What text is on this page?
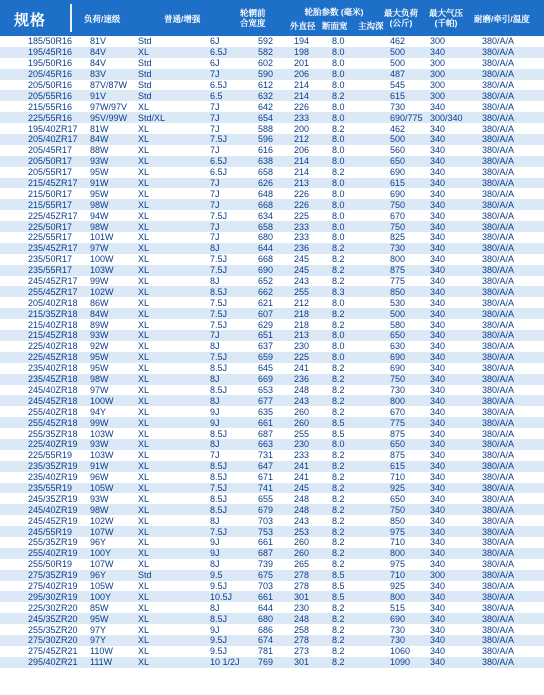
规格	负荷/速级	普通/增强
轮辋前
合宽度
轮胎参数 (毫米)
外直径 断面宽 主沟深
最大负荷
(公斤)
最大气压
(千帕)	耐磨/牵引/温度
185/50R16	81V	Std	6J	592	194	8.0	462	300	380/A/A
195/45R16	84V	XL	6.5J	582	198	8.0	500	340	380/A/A
195/50R16	84V	Std	6J	602	201	8.0	500	300	380/A/A
205/45R16	83V	Std	7J	590	206	8.0	487	300	380/A/A
205/50R16	87V/87W	Std	6.5J	612	214	8.0	545	300	380/A/A
205/55R16	91V	Std	6.5	632	214	8.2	615	300	380/A/A
215/55R16	97W/97V	XL	7J	642	226	8.0	730	340	380/A/A
225/55R16	95V/99W	Std/XL	7J	654	233	8.0	690/775	300/340	380/A/A
195/40ZR17	81W	XL	7J	588	200	8.2	462	340	380/A/A
205/40ZR17	84W	XL	7.5J	596	212	8.0	500	340	380/A/A
205/45R17	88W	XL	7J	616	206	8.0	560	340	380/A/A
205/50R17	93W	XL	6.5J	638	214	8.0	650	340	380/A/A
205/55R17	95W	XL	6.5J	658	214	8.2	690	340	380/A/A
215/45ZR17	91W	XL	7J	626	213	8.0	615	340	380/A/A
215/50R17	95W	XL	7J	648	226	8.0	690	340	380/A/A
215/55R17	98W	XL	7J	668	226	8.0	750	340	380/A/A
225/45ZR17	94W	XL	7.5J	634	225	8.0	670	340	380/A/A
225/50R17	98W	XL	7J	658	233	8.0	750	340	380/A/A
225/55R17	101W	XL	7J	680	233	8.0	825	340	380/A/A
235/45ZR17	97W	XL	8J	644	236	8.2	730	340	380/A/A
235/50R17	100W	XL	7.5J	668	245	8.2	800	340	380/A/A
235/55R17	103W	XL	7.5J	690	245	8.2	875	340	380/A/A
245/45ZR17	99W	XL	8J	652	243	8.2	775	340	380/A/A
255/45ZR17	102W	XL	8.5J	662	255	8.3	850	340	380/A/A
205/40ZR18	86W	XL	7.5J	621	212	8.0	530	340	380/A/A
215/35ZR18	84W	XL	7.5J	607	218	8.2	500	340	380/A/A
215/40ZR18	89W	XL	7.5J	629	218	8.2	580	340	380/A/A
215/45ZR18	93W	XL	7J	651	213	8.0	650	340	380/A/A
225/40ZR18	92W	XL	8J	637	230	8.0	630	340	380/A/A
225/45ZR18	95W	XL	7.5J	659	225	8.0	690	340	380/A/A
235/40ZR18	95W	XL	8.5J	645	241	8.2	690	340	380/A/A
235/45ZR18	98W	XL	8J	669	236	8.2	750	340	380/A/A
245/40ZR18	97W	XL	8.5J	653	248	8.2	730	340	380/A/A
245/45ZR18	100W	XL	8J	677	243	8.2	800	340	380/A/A
255/40ZR18	94Y	XL	9J	635	260	8.2	670	340	380/A/A
255/45ZR18	99W	XL	9J	661	260	8.5	775	340	380/A/A
255/35ZR18	103W	XL	8.5J	687	255	8.5	875	340	380/A/A
225/40ZR19	93W	XL	8J	663	230	8.0	650	340	380/A/A
225/55R19	103W	XL	7J	731	233	8.2	875	340	380/A/A
235/35ZR19	91W	XL	8.5J	647	241	8.2	615	340	380/A/A
235/40ZR19	96W	XL	8.5J	671	241	8.2	710	340	380/A/A
235/55R19	105W	XL	7.5J	741	245	8.2	925	340	380/A/A
245/35ZR19	93W	XL	8.5J	655	248	8.2	650	340	380/A/A
245/40ZR19	98W	XL	8.5J	679	248	8.2	750	340	380/A/A
245/45ZR19	102W	XL	8J	703	243	8.2	850	340	380/A/A
245/55R19	107W	XL	7.5J	753	253	8.2	975	340	380/A/A
255/35ZR19	96Y	XL	9J	661	260	8.2	710	340	380/A/A
255/40ZR19	100Y	XL	9J	687	260	8.2	800	340	380/A/A
255/50R19	107W	XL	8J	739	265	8.2	975	340	380/A/A
275/35ZR19	96Y	Std	9.5	675	278	8.5	710	300	380/A/A
275/40ZR19	105W	XL	9.5J	703	278	8.5	925	340	380/A/A
295/30ZR19	100Y	XL	10.5J	661	301	8.5	800	340	380/A/A
225/30ZR20	85W	XL	8J	644	230	8.2	515	340	380/A/A
245/35ZR20	95W	XL	8.5J	680	248	8.2	690	340	380/A/A
255/35ZR20	97Y	XL	9J	686	258	8.2	730	340	380/A/A
275/30ZR20	97Y	XL	9.5J	674	278	8.2	730	340	380/A/A
275/45ZR21	110W	XL	9.5J	781	273	8.2	1060	340	380/A/A
295/40ZR21	111W	XL	10 1/2J	769	301	8.2	1090	340	380/A/A
